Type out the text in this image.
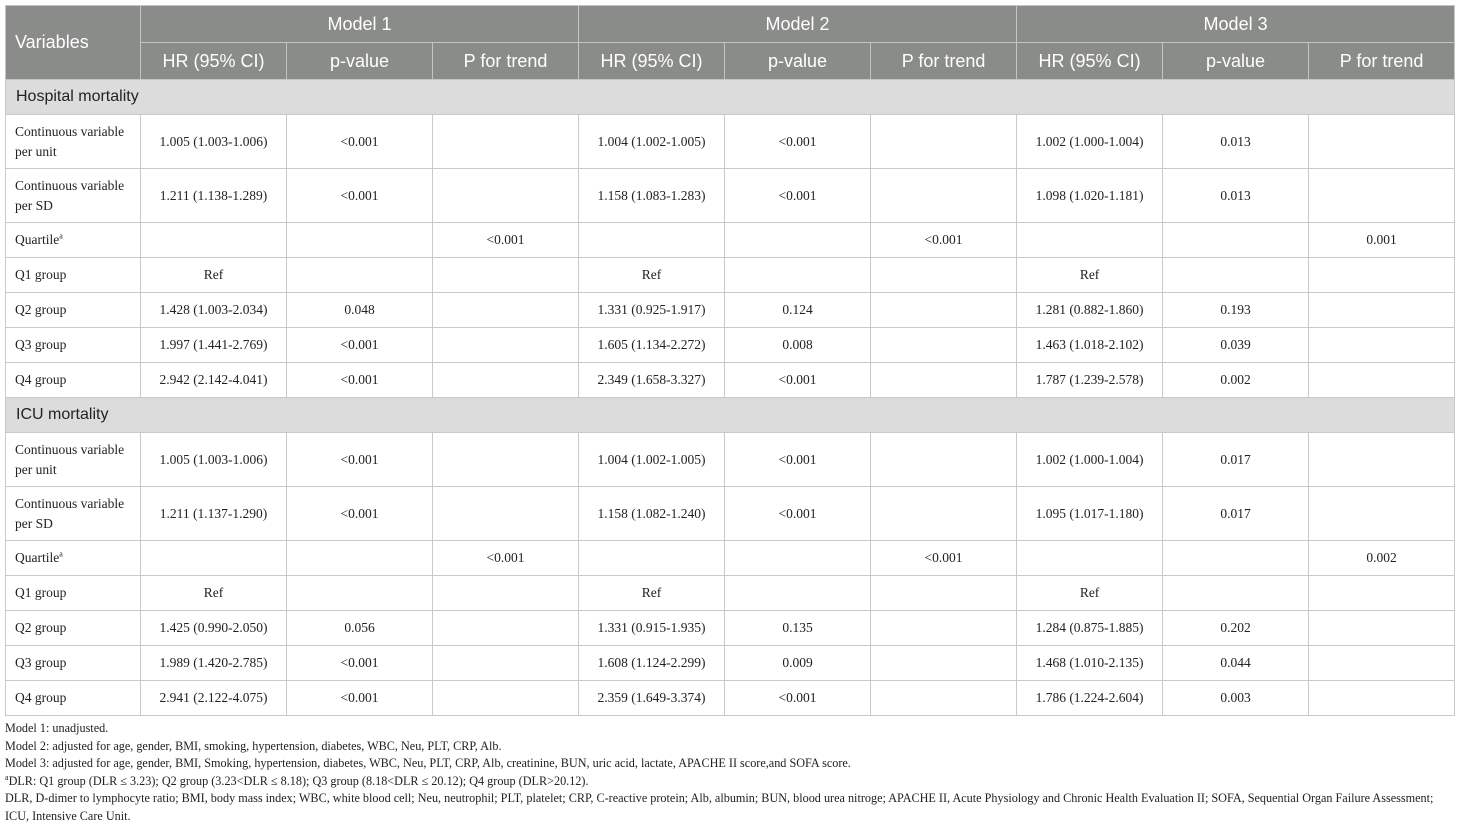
Variables	Model 1			Model 2			Model 3		
	HR (95% CI)	p-value	P for trend	HR (95% CI)	p-value	P for trend	HR (95% CI)	p-value	P for trend
Hospital mortality									
Continuous variable per unit	1.005 (1.003-1.006)	<0.001		1.004 (1.002-1.005)	<0.001		1.002 (1.000-1.004)	0.013	
Continuous variable per SD	1.211 (1.138-1.289)	<0.001		1.158 (1.083-1.283)	<0.001		1.098 (1.020-1.181)	0.013	
Quartile$^a$			<0.001			<0.001			0.001
Q1 group	Ref			Ref			Ref		
Q2 group	1.428 (1.003-2.034)	0.048		1.331 (0.925-1.917)	0.124		1.281 (0.882-1.860)	0.193	
Q3 group	1.997 (1.441-2.769)	<0.001		1.605 (1.134-2.272)	0.008		1.463 (1.018-2.102)	0.039	
Q4 group	2.942 (2.142-4.041)	<0.001		2.349 (1.658-3.327)	<0.001		1.787 (1.239-2.578)	0.002	
ICU mortality									
Continuous variable per unit	1.005 (1.003-1.006)	<0.001		1.004 (1.002-1.005)	<0.001		1.002 (1.000-1.004)	0.017	
Continuous variable per SD	1.211 (1.137-1.290)	<0.001		1.158 (1.082-1.240)	<0.001		1.095 (1.017-1.180)	0.017	
Quartile$^a$			<0.001			<0.001			0.002
Q1 group	Ref			Ref			Ref		
Q2 group	1.425 (0.990-2.050)	0.056		1.331 (0.915-1.935)	0.135		1.284 (0.875-1.885)	0.202	
Q3 group	1.989 (1.420-2.785)	<0.001		1.608 (1.124-2.299)	0.009		1.468 (1.010-2.135)	0.044	
Q4 group	2.941 (2.122-4.075)	<0.001		2.359 (1.649-3.374)	<0.001		1.786 (1.224-2.604)	0.003	
Model 1: unadjusted.
Model 2: adjusted for age, gender, BMI, smoking, hypertension, diabetes, WBC, Neu, PLT, CRP, Alb.
Model 3: adjusted for age, gender, BMI, Smoking, hypertension, diabetes, WBC, Neu, PLT, CRP, Alb, creatinine, BUN, uric acid, lactate, APACHE II score,and SOFA score.
$^a$DLR: Q1 group (DLR ≤ 3.23); Q2 group (3.23<DLR ≤ 8.18); Q3 group (8.18<DLR ≤ 20.12); Q4 group (DLR>20.12).
DLR, D-dimer to lymphocyte ratio; BMI, body mass index; WBC, white blood cell; Neu, neutrophil; PLT, platelet; CRP, C-reactive protein; Alb, albumin; BUN, blood urea nitroge; APACHE II, Acute Physiology and Chronic Health Evaluation II; SOFA, Sequential Organ Failure Assessment; ICU, Intensive Care Unit.
